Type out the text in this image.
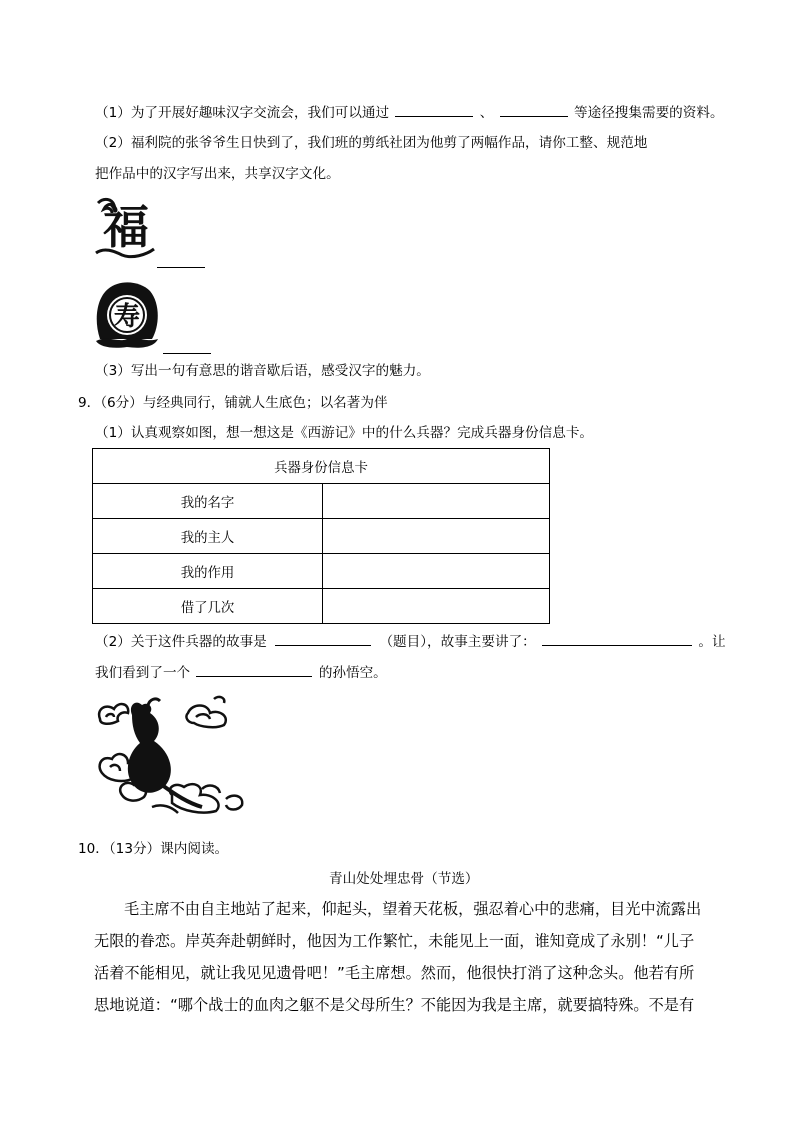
（1）为了开展好趣味汉字交流会，我们可以通过	、	等途径搜集需要的资料。
（2）福利院的张爷爷生日快到了，我们班的剪纸社团为他剪了两幅作品，请你工整、规范地
把作品中的汉字写出来，共享汉字文化。
福
寿
（3）写出一句有意思的谐音歇后语，感受汉字的魅力。
9．（6分）与经典同行，铺就人生底色；以名著为伴
（1）认真观察如图，想一想这是《西游记》中的什么兵器？完成兵器身份信息卡。
兵器身份信息卡	
我的名字	
我的主人	
我的作用	
借了几次	
（2）关于这件兵器的故事是	（题目），故事主要讲了：	。让
我们看到了一个	的孙悟空。
10．（13分）课内阅读。
青山处处埋忠骨（节选）
毛主席不由自主地站了起来，仰起头，望着天花板，强忍着心中的悲痛，目光中流露出
无限的眷恋。岸英奔赴朝鲜时，他因为工作繁忙，未能见上一面，谁知竟成了永别！“儿子
活着不能相见，就让我见见遗骨吧！”毛主席想。然而，他很快打消了这种念头。他若有所
思地说道：“哪个战士的血肉之躯不是父母所生？不能因为我是主席，就要搞特殊。不是有
